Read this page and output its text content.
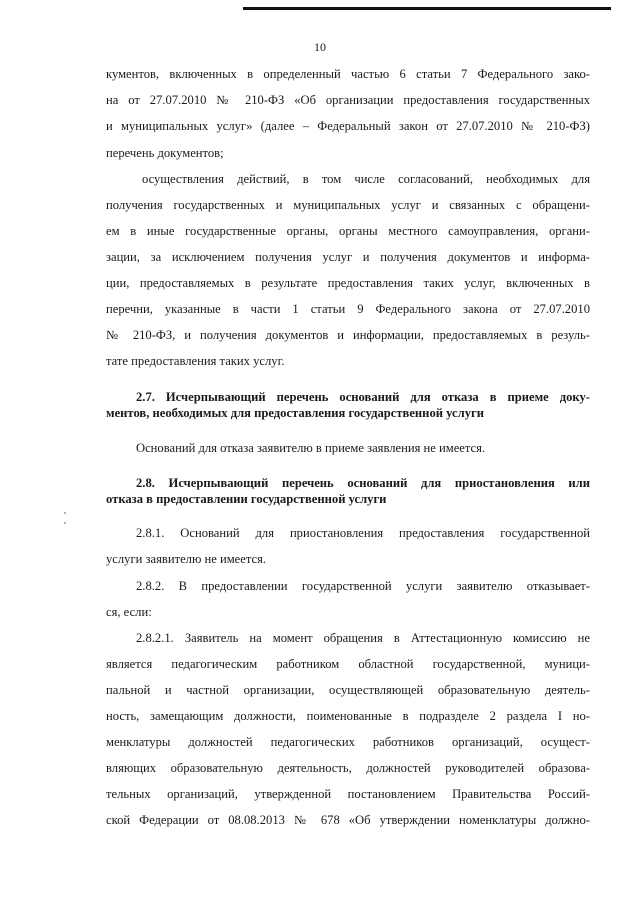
10
кументов, включенных в определенный частью 6 статьи 7 Федерального зако-
на от 27.07.2010 № 210-ФЗ «Об организации предоставления государственных
и муниципальных услуг» (далее – Федеральный закон от 27.07.2010 № 210-ФЗ)
перечень документов;
осуществления действий, в том числе согласований, необходимых для
получения государственных и муниципальных услуг и связанных с обращени-
ем в иные государственные органы, органы местного самоуправления, органи-
зации, за исключением получения услуг и получения документов и информа-
ции, предоставляемых в результате предоставления таких услуг, включенных в
перечни, указанные в части 1 статьи 9 Федерального закона от 27.07.2010
№ 210-ФЗ, и получения документов и информации, предоставляемых в резуль-
тате предоставления таких услуг.
2.7. Исчерпывающий перечень оснований для отказа в приеме доку-
ментов, необходимых для предоставления государственной услуги
Оснований для отказа заявителю в приеме заявления не имеется.
2.8. Исчерпывающий перечень оснований для приостановления или
отказа в предоставлении государственной услуги
2.8.1. Оснований для приостановления предоставления государственной
услуги заявителю не имеется.
2.8.2. В предоставлении государственной услуги заявителю отказывает-
ся, если:
2.8.2.1. Заявитель на момент обращения в Аттестационную комиссию не
является педагогическим работником областной государственной, муници-
пальной и частной организации, осуществляющей образовательную деятель-
ность, замещающим должности, поименованные в подразделе 2 раздела I но-
менклатуры должностей педагогических работников организаций, осущест-
вляющих образовательную деятельность, должностей руководителей образова-
тельных организаций, утвержденной постановлением Правительства Россий-
ской Федерации от 08.08.2013 № 678 «Об утверждении номенклатуры должно-
